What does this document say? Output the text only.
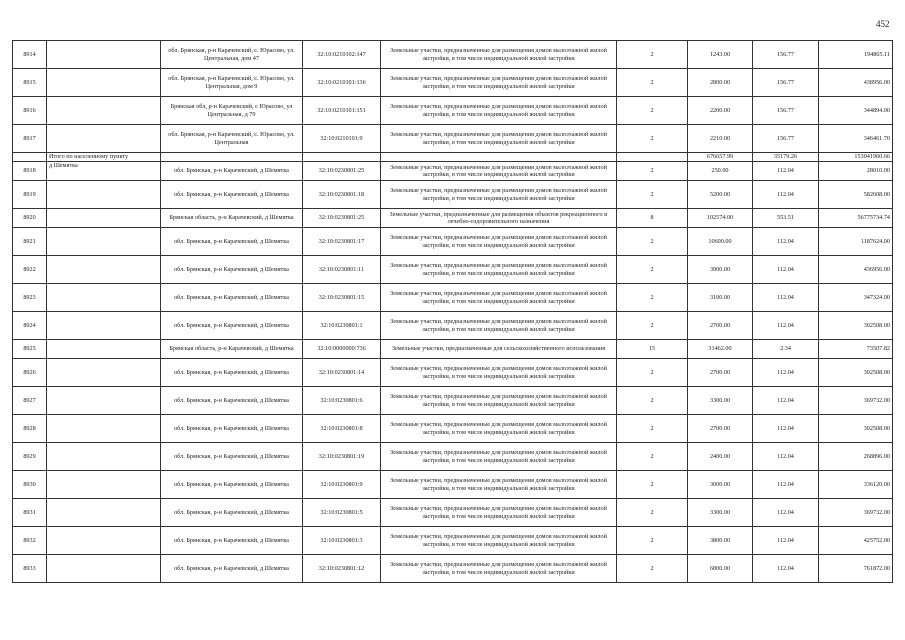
452
8914		обл. Брянская, р-н Карачевский, с. Юрасово, ул. Центральная, дом 47	32:10:0210102:147	Земельные участки, предназначенные для размещения домов малоэтажной жилой застройки, в том числе индивидуальной жилой застройки	2	1243.00	156.77	194865.11
8915		обл. Брянская, р-н Карачевский, с. Юрасово, ул. Центральная, дом 9	32:10:0210101:136	Земельные участки, предназначенные для размещения домов малоэтажной жилой застройки, в том числе индивидуальной жилой застройки	2	2800.00	156.77	438956.00
8916		Брянская обл, р-н Карачевский, с Юрасово, ул Центральная, д 79	32:10:0210101:151	Земельные участки, предназначенные для размещения домов малоэтажной жилой застройки, в том числе индивидуальной жилой застройки	2	2200.00	156.77	344894.00
8917		обл. Брянская, р-н Карачевский, с. Юрасово, ул. Центральная	32:10:0210101:9	Земельные участки, предназначенные для размещения домов малоэтажной жилой застройки, в том числе индивидуальной жилой застройки	2	2210.00	156.77	346461.70
	Итого по населенному пункту					676657.99	35179.26	153041960.66
8918	д Шемятка	обл. Брянская, р-н Карачевский, д Шемятка	32:10:0230801:25	Земельные участки, предназначенные для размещения домов малоэтажной жилой застройки, в том числе индивидуальной жилой застройки	2	250.00	112.04	28010.00
8919		обл. Брянская, р-н Карачевский, д Шемятка	32:10:0230801:18	Земельные участки, предназначенные для размещения домов малоэтажной жилой застройки, в том числе индивидуальной жилой застройки	2	5200.00	112.04	582608.00
8920		Брянская область, р-н Карачевский, д Шемятка	32:10:0230801:25	Земельные участки, предназначенные для размещения объектов рекреационного и лечебно-оздоровительного назначения	8	102574.00	553.51	56775734.74
8921		обл. Брянская, р-н Карачевский, д Шемятка	32:10:0230801:17	Земельные участки, предназначенные для размещения домов малоэтажной жилой застройки, в том числе индивидуальной жилой застройки	2	10600.00	112.04	1187624.00
8922		обл. Брянская, р-н Карачевский, д Шемятка	32:10:0230801:11	Земельные участки, предназначенные для размещения домов малоэтажной жилой застройки, в том числе индивидуальной жилой застройки	2	3900.00	112.04	436956.00
8923		обл. Брянская, р-н Карачевский, д Шемятка	32:10:0230801:15	Земельные участки, предназначенные для размещения домов малоэтажной жилой застройки, в том числе индивидуальной жилой застройки	2	3100.00	112.04	347324.00
8924		обл. Брянская, р-н Карачевский, д Шемятка	32:10:0230801:1	Земельные участки, предназначенные для размещения домов малоэтажной жилой застройки, в том числе индивидуальной жилой застройки	2	2700.00	112.04	302508.00
8925		Брянская область, р-н Карачевский, д Шемятка	32:10:0000000:736	Земельные участки, предназначенные для сельскохозяйственного использования	15	31462.00	2.34	73507.82
8926		обл. Брянская, р-н Карачевский, д Шемятка	32:10:0230801:14	Земельные участки, предназначенные для размещения домов малоэтажной жилой застройки, в том числе индивидуальной жилой застройки	2	2700.00	112.04	302508.00
8927		обл. Брянская, р-н Карачевский, д Шемятка	32:10:0230801:6	Земельные участки, предназначенные для размещения домов малоэтажной жилой застройки, в том числе индивидуальной жилой застройки	2	3300.00	112.04	369732.00
8928		обл. Брянская, р-н Карачевский, д Шемятка	32:10:0230801:8	Земельные участки, предназначенные для размещения домов малоэтажной жилой застройки, в том числе индивидуальной жилой застройки	2	2700.00	112.04	302508.00
8929		обл. Брянская, р-н Карачевский, д Шемятка	32:10:0230801:19	Земельные участки, предназначенные для размещения домов малоэтажной жилой застройки, в том числе индивидуальной жилой застройки	2	2400.00	112.04	268896.00
8930		обл. Брянская, р-н Карачевский, д Шемятка	32:10:0230801:9	Земельные участки, предназначенные для размещения домов малоэтажной жилой застройки, в том числе индивидуальной жилой застройки	2	3000.00	112.04	336120.00
8931		обл. Брянская, р-н Карачевский, д Шемятка	32:10:0230801:5	Земельные участки, предназначенные для размещения домов малоэтажной жилой застройки, в том числе индивидуальной жилой застройки	2	3300.00	112.04	369732.00
8932		обл. Брянская, р-н Карачевский, д Шемятка	32:10:0230801:3	Земельные участки, предназначенные для размещения домов малоэтажной жилой застройки, в том числе индивидуальной жилой застройки	2	3800.00	112.04	425752.00
8933		обл. Брянская, р-н Карачевский, д Шемятка	32:10:0230801:12	Земельные участки, предназначенные для размещения домов малоэтажной жилой застройки, в том числе индивидуальной жилой застройки	2	6800.00	112.04	761872.00
